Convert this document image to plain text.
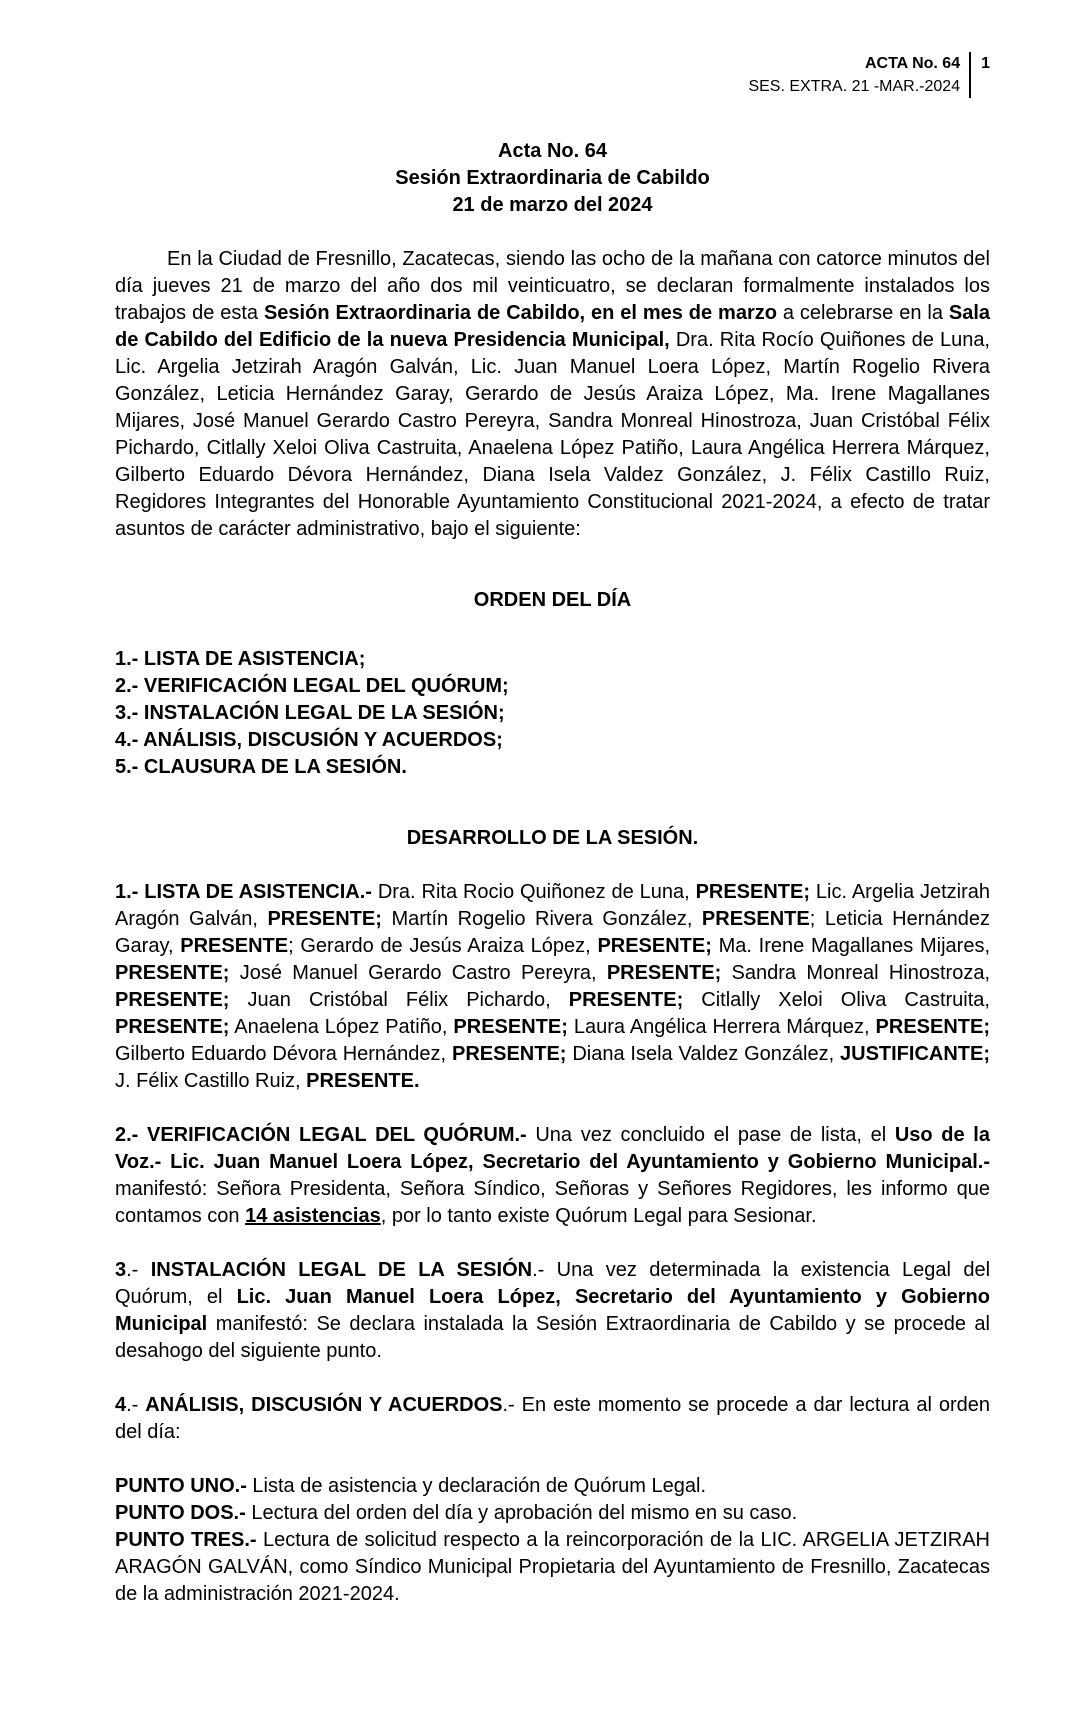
ACTA No. 64
SES. EXTRA. 21 -MAR.-2024
1
Acta No. 64
Sesión Extraordinaria de Cabildo
21 de marzo del 2024

En la Ciudad de Fresnillo, Zacatecas, siendo las ocho de la mañana con catorce minutos del día jueves 21 de marzo del año dos mil veinticuatro, se declaran formalmente instalados los trabajos de esta Sesión Extraordinaria de Cabildo, en el mes de marzo a celebrarse en la Sala de Cabildo del Edificio de la nueva Presidencia Municipal, Dra. Rita Rocío Quiñones de Luna, Lic. Argelia Jetzirah Aragón Galván, Lic. Juan Manuel Loera López, Martín Rogelio Rivera González, Leticia Hernández Garay, Gerardo de Jesús Araiza López, Ma. Irene Magallanes Mijares, José Manuel Gerardo Castro Pereyra, Sandra Monreal Hinostroza, Juan Cristóbal Félix Pichardo, Citlally Xeloi Oliva Castruita, Anaelena López Patiño, Laura Angélica Herrera Márquez, Gilberto Eduardo Dévora Hernández, Diana Isela Valdez González, J. Félix Castillo Ruiz, Regidores Integrantes del Honorable Ayuntamiento Constitucional 2021-2024, a efecto de tratar asuntos de carácter administrativo, bajo el siguiente:

ORDEN DEL DÍA
1.- LISTA DE ASISTENCIA;
2.- VERIFICACIÓN LEGAL DEL QUÓRUM;
3.- INSTALACIÓN LEGAL DE LA SESIÓN;
4.- ANÁLISIS, DISCUSIÓN Y ACUERDOS;
5.- CLAUSURA DE LA SESIÓN.
DESARROLLO DE LA SESIÓN.

1.- LISTA DE ASISTENCIA.- Dra. Rita Rocio Quiñonez de Luna, PRESENTE; Lic. Argelia Jetzirah Aragón Galván, PRESENTE; Martín Rogelio Rivera González, PRESENTE; Leticia Hernández Garay, PRESENTE; Gerardo de Jesús Araiza López, PRESENTE; Ma. Irene Magallanes Mijares, PRESENTE; José Manuel Gerardo Castro Pereyra, PRESENTE; Sandra Monreal Hinostroza, PRESENTE; Juan Cristóbal Félix Pichardo, PRESENTE; Citlally Xeloi Oliva Castruita, PRESENTE; Anaelena López Patiño, PRESENTE; Laura Angélica Herrera Márquez, PRESENTE; Gilberto Eduardo Dévora Hernández, PRESENTE; Diana Isela Valdez González, JUSTIFICANTE; J. Félix Castillo Ruiz, PRESENTE.

2.- VERIFICACIÓN LEGAL DEL QUÓRUM.- Una vez concluido el pase de lista, el Uso de la Voz.- Lic. Juan Manuel Loera López, Secretario del Ayuntamiento y Gobierno Municipal.- manifestó: Señora Presidenta, Señora Síndico, Señoras y Señores Regidores, les informo que contamos con 14 asistencias, por lo tanto existe Quórum Legal para Sesionar.

3.- INSTALACIÓN LEGAL DE LA SESIÓN.- Una vez determinada la existencia Legal del Quórum, el Lic. Juan Manuel Loera López, Secretario del Ayuntamiento y Gobierno Municipal manifestó: Se declara instalada la Sesión Extraordinaria de Cabildo y se procede al desahogo del siguiente punto.

4.- ANÁLISIS, DISCUSIÓN Y ACUERDOS.- En este momento se procede a dar lectura al orden del día:

PUNTO UNO.- Lista de asistencia y declaración de Quórum Legal.

PUNTO DOS.- Lectura del orden del día y aprobación del mismo en su caso.

PUNTO TRES.- Lectura de solicitud respecto a la reincorporación de la LIC. ARGELIA JETZIRAH ARAGÓN GALVÁN, como Síndico Municipal Propietaria del Ayuntamiento de Fresnillo, Zacatecas de la administración 2021-2024.
